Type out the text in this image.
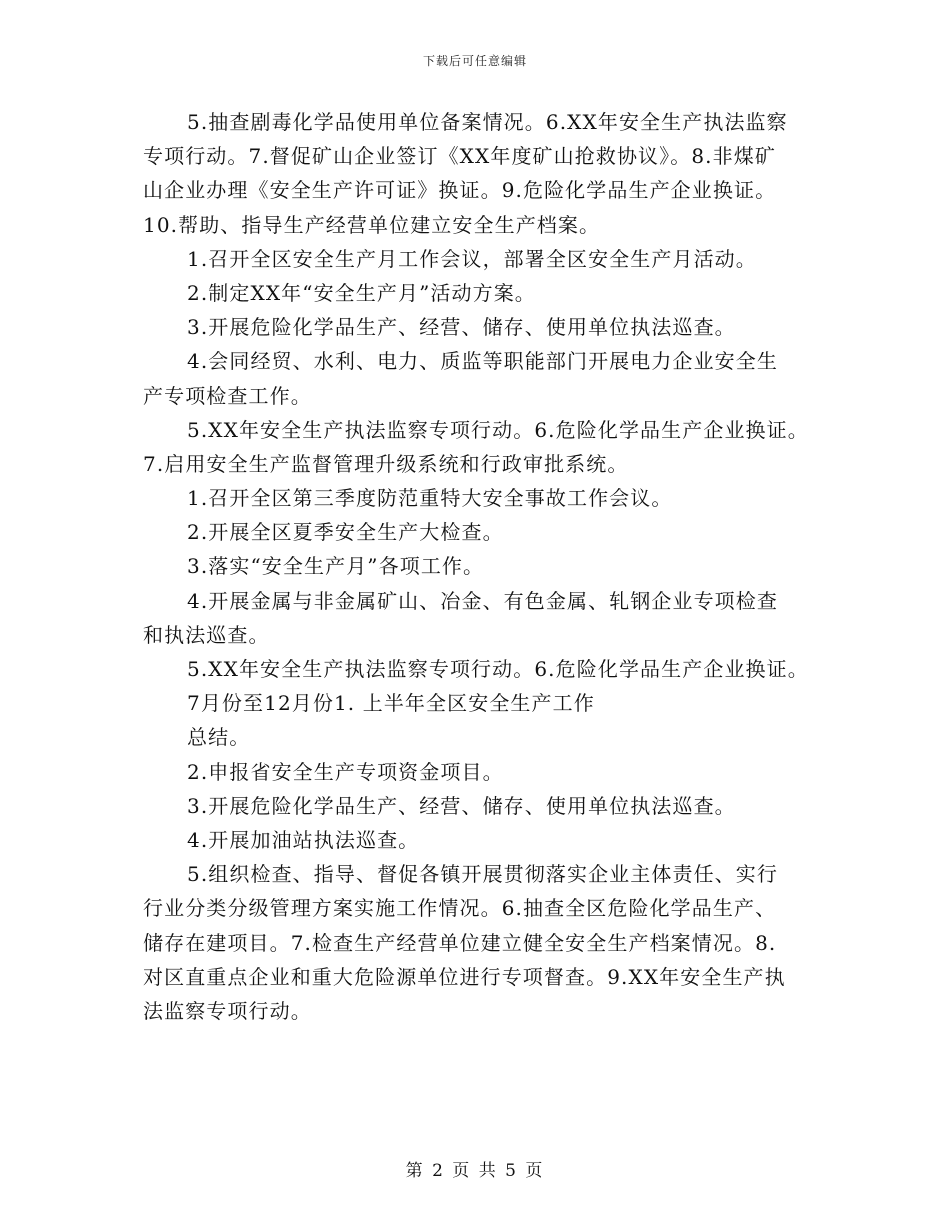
下载后可任意编辑
5.抽查剧毒化学品使用单位备案情况。6.XX年安全生产执法监察
专项行动。7.督促矿山企业签订《XX年度矿山抢救协议》。8.非煤矿
山企业办理《安全生产许可证》换证。9.危险化学品生产企业换证。
10.帮助、指导生产经营单位建立安全生产档案。
1.召开全区安全生产月工作会议，部署全区安全生产月活动。
2.制定XX年“安全生产月”活动方案。
3.开展危险化学品生产、经营、储存、使用单位执法巡查。
4.会同经贸、水利、电力、质监等职能部门开展电力企业安全生
产专项检查工作。
5.XX年安全生产执法监察专项行动。6.危险化学品生产企业换证。
7.启用安全生产监督管理升级系统和行政审批系统。
1.召开全区第三季度防范重特大安全事故工作会议。
2.开展全区夏季安全生产大检查。
3.落实“安全生产月”各项工作。
4.开展金属与非金属矿山、冶金、有色金属、轧钢企业专项检查
和执法巡查。
5.XX年安全生产执法监察专项行动。6.危险化学品生产企业换证。
7月份至12月份1. 上半年全区安全生产工作
总结。
2.申报省安全生产专项资金项目。
3.开展危险化学品生产、经营、储存、使用单位执法巡查。
4.开展加油站执法巡查。
5.组织检查、指导、督促各镇开展贯彻落实企业主体责任、实行
行业分类分级管理方案实施工作情况。6.抽查全区危险化学品生产、
储存在建项目。7.检查生产经营单位建立健全安全生产档案情况。8.
对区直重点企业和重大危险源单位进行专项督查。9.XX年安全生产执
法监察专项行动。
第 2 页 共 5 页
